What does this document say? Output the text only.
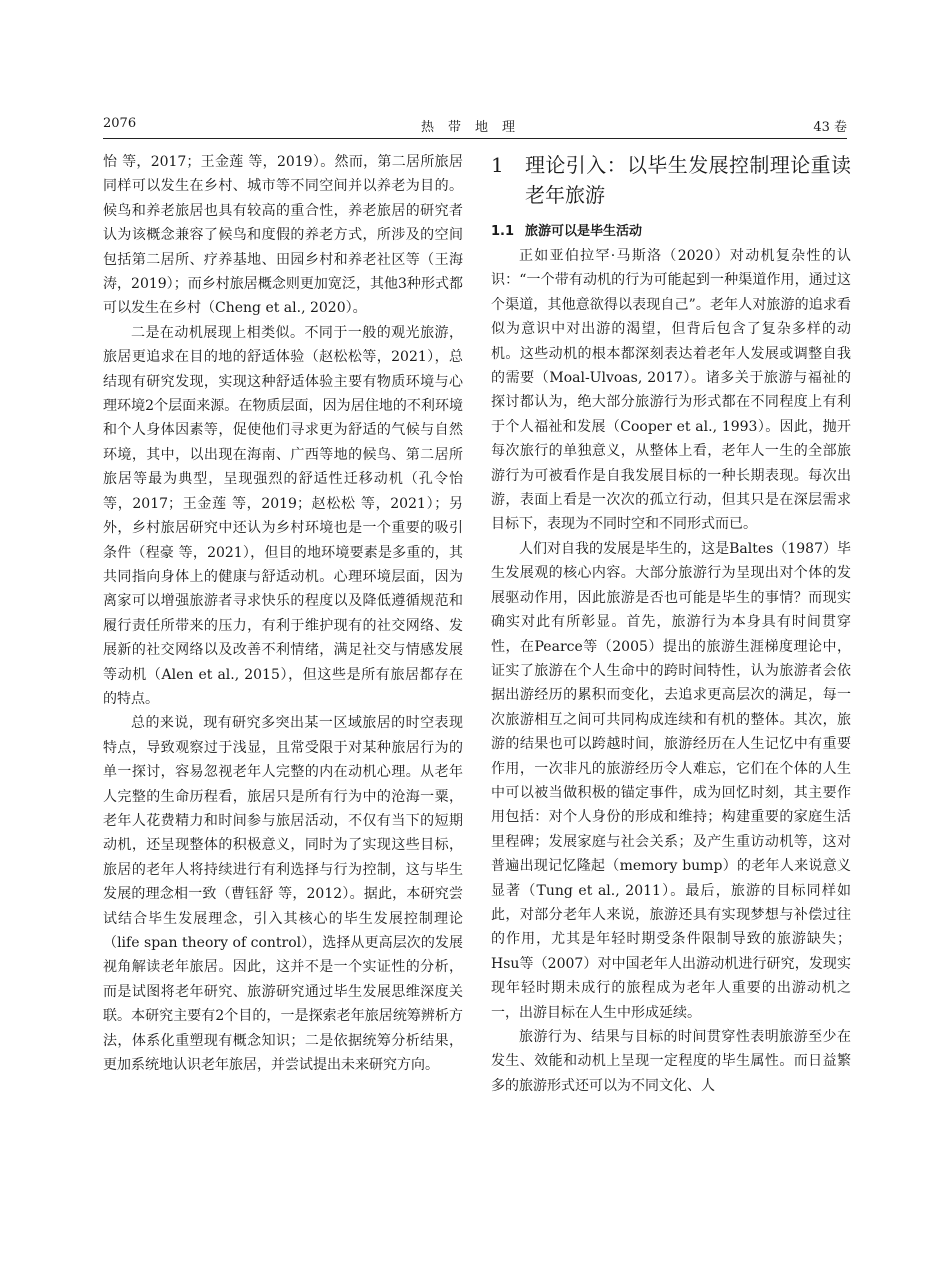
2076	热带地理	43 卷

怡 等，2017；王金莲 等，2019）。然而，第二居所旅居同样可以发生在乡村、城市等不同空间并以养老为目的。候鸟和养老旅居也具有较高的重合性，养老旅居的研究者认为该概念兼容了候鸟和度假的养老方式，所涉及的空间包括第二居所、疗养基地、田园乡村和养老社区等（王海涛，2019）；而乡村旅居概念则更加宽泛，其他3种形式都可以发生在乡村（Cheng et al., 2020）。

二是在动机展现上相类似。不同于一般的观光旅游，旅居更追求在目的地的舒适体验（赵松松等，2021），总结现有研究发现，实现这种舒适体验主要有物质环境与心理环境2个层面来源。在物质层面，因为居住地的不利环境和个人身体因素等，促使他们寻求更为舒适的气候与自然环境，其中，以出现在海南、广西等地的候鸟、第二居所旅居等最为典型，呈现强烈的舒适性迁移动机（孔令怡 等，2017；王金莲 等，2019；赵松松 等，2021）；另外，乡村旅居研究中还认为乡村环境也是一个重要的吸引条件（程豪 等，2021），但目的地环境要素是多重的，其共同指向身体上的健康与舒适动机。心理环境层面，因为离家可以增强旅游者寻求快乐的程度以及降低遵循规范和履行责任所带来的压力，有利于维护现有的社交网络、发展新的社交网络以及改善不利情绪，满足社交与情感发展等动机（Alen et al., 2015），但这些是所有旅居都存在的特点。

总的来说，现有研究多突出某一区域旅居的时空表现特点，导致观察过于浅显，且常受限于对某种旅居行为的单一探讨，容易忽视老年人完整的内在动机心理。从老年人完整的生命历程看，旅居只是所有行为中的沧海一粟，老年人花费精力和时间参与旅居活动，不仅有当下的短期动机，还呈现整体的积极意义，同时为了实现这些目标，旅居的老年人将持续进行有利选择与行为控制，这与毕生发展的理念相一致（曹钰舒 等，2012）。据此，本研究尝试结合毕生发展理念，引入其核心的毕生发展控制理论（life span theory of control），选择从更高层次的发展视角解读老年旅居。因此，这并不是一个实证性的分析，而是试图将老年研究、旅游研究通过毕生发展思维深度关联。本研究主要有2个目的，一是探索老年旅居统筹辨析方法，体系化重塑现有概念知识；二是依据统筹分析结果，更加系统地认识老年旅居，并尝试提出未来研究方向。

1	理论引入：以毕生发展控制理论重读老年旅游
1.1 旅游可以是毕生活动

正如亚伯拉罕·马斯洛（2020）对动机复杂性的认识：“一个带有动机的行为可能起到一种渠道作用，通过这个渠道，其他意欲得以表现自己”。老年人对旅游的追求看似为意识中对出游的渴望，但背后包含了复杂多样的动机。这些动机的根本都深刻表达着老年人发展或调整自我的需要（Moal-Ulvoas, 2017）。诸多关于旅游与福祉的探讨都认为，绝大部分旅游行为形式都在不同程度上有利于个人福祉和发展（Cooper et al., 1993）。因此，抛开每次旅行的单独意义，从整体上看，老年人一生的全部旅游行为可被看作是自我发展目标的一种长期表现。每次出游，表面上看是一次次的孤立行动，但其只是在深层需求目标下，表现为不同时空和不同形式而已。

人们对自我的发展是毕生的，这是Baltes（1987）毕生发展观的核心内容。大部分旅游行为呈现出对个体的发展驱动作用，因此旅游是否也可能是毕生的事情？而现实确实对此有所彰显。首先，旅游行为本身具有时间贯穿性，在Pearce等（2005）提出的旅游生涯梯度理论中，证实了旅游在个人生命中的跨时间特性，认为旅游者会依据出游经历的累积而变化，去追求更高层次的满足，每一次旅游相互之间可共同构成连续和有机的整体。其次，旅游的结果也可以跨越时间，旅游经历在人生记忆中有重要作用，一次非凡的旅游经历令人难忘，它们在个体的人生中可以被当做积极的锚定事件，成为回忆时刻，其主要作用包括：对个人身份的形成和维持；构建重要的家庭生活里程碑；发展家庭与社会关系；及产生重访动机等，这对普遍出现记忆隆起（memory bump）的老年人来说意义显著（Tung et al., 2011）。最后，旅游的目标同样如此，对部分老年人来说，旅游还具有实现梦想与补偿过往的作用，尤其是年轻时期受条件限制导致的旅游缺失；Hsu等（2007）对中国老年人出游动机进行研究，发现实现年轻时期未成行的旅程成为老年人重要的出游动机之一，出游目标在人生中形成延续。

旅游行为、结果与目标的时间贯穿性表明旅游至少在发生、效能和动机上呈现一定程度的毕生属性。而日益繁多的旅游形式还可以为不同文化、人
